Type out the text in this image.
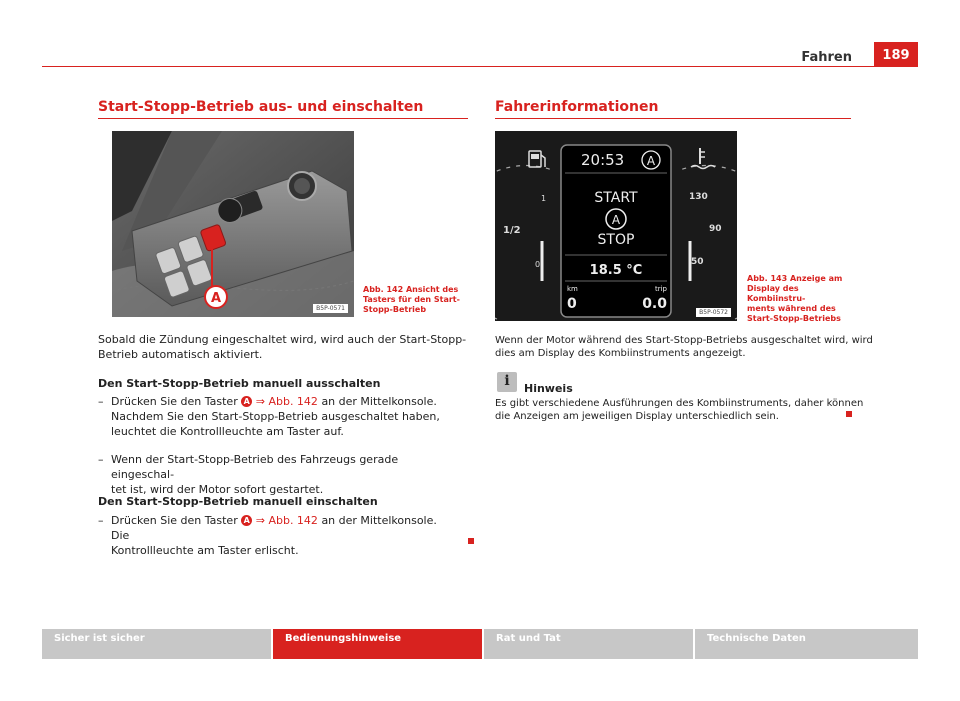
Fahren	189
Start-Stopp-Betrieb aus- und einschalten
A
B5P-0571
Abb. 142 Ansicht des
Tasters für den Start-
Stopp-Betrieb
Sobald die Zündung eingeschaltet wird, wird auch der Start-Stopp-
Betrieb automatisch aktiviert.
Den Start-Stopp-Betrieb manuell ausschalten
– Drücken Sie den Taster A ⇒ Abb. 142 an der Mittelkonsole.
Nachdem Sie den Start-Stopp-Betrieb ausgeschaltet haben,
leuchtet die Kontrollleuchte am Taster auf.
– Wenn der Start-Stopp-Betrieb des Fahrzeugs gerade eingeschal-
tet ist, wird der Motor sofort gestartet.
Den Start-Stopp-Betrieb manuell einschalten
– Drücken Sie den Taster A ⇒ Abb. 142 an der Mittelkonsole. Die
Kontrollleuchte am Taster erlischt.
Fahrerinformationen
1/2
1
0
130
90
50
20:53 A
START
A
STOP
18.5 °C
km	trip
0	0.0
B5P-0572
Abb. 143 Anzeige am
Display des Kombiinstru-
ments während des
Start-Stopp-Betriebs
Wenn der Motor während des Start-Stopp-Betriebs ausgeschaltet wird, wird
dies am Display des Kombiinstruments angezeigt.
i	Hinweis
Es gibt verschiedene Ausführungen des Kombiinstruments, daher können
die Anzeigen am jeweiligen Display unterschiedlich sein.
Sicher ist sicher	Bedienungshinweise	Rat und Tat	Technische Daten
